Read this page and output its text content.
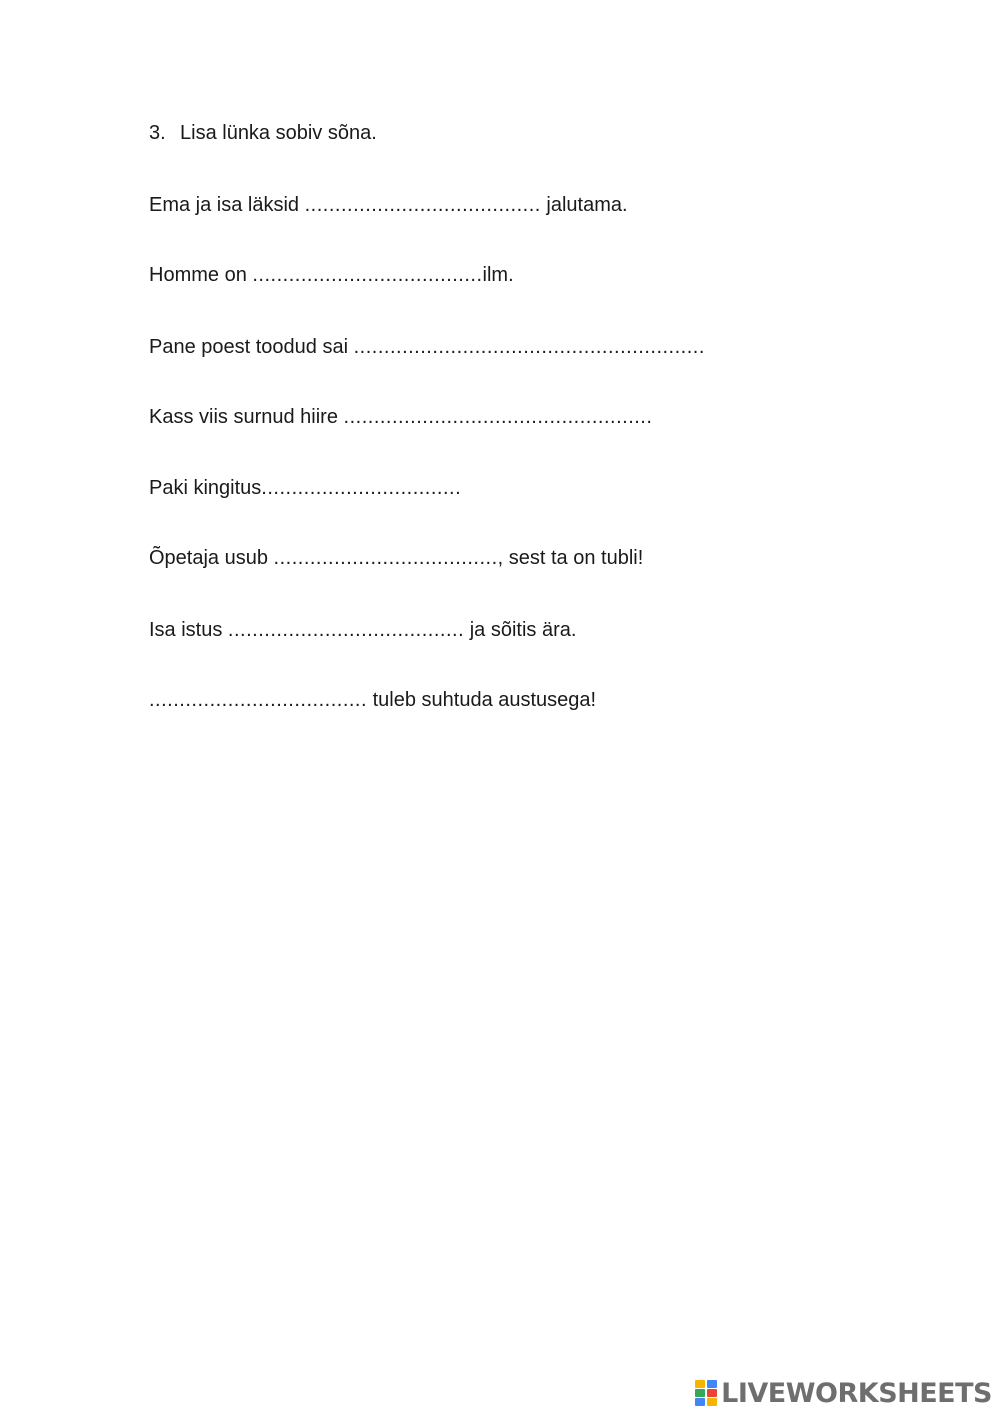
3. Lisa lünka sobiv sõna.
Ema ja isa läksid ....................................... jalutama.
Homme on ......................................ilm.
Pane poest toodud sai ..........................................................
Kass viis surnud hiire ...................................................
Paki kingitus.................................
Õpetaja usub ....................................., sest ta on tubli!
Isa istus ....................................... ja sõitis ära.
.................................... tuleb suhtuda austusega!
LIVEWORKSHEETS
